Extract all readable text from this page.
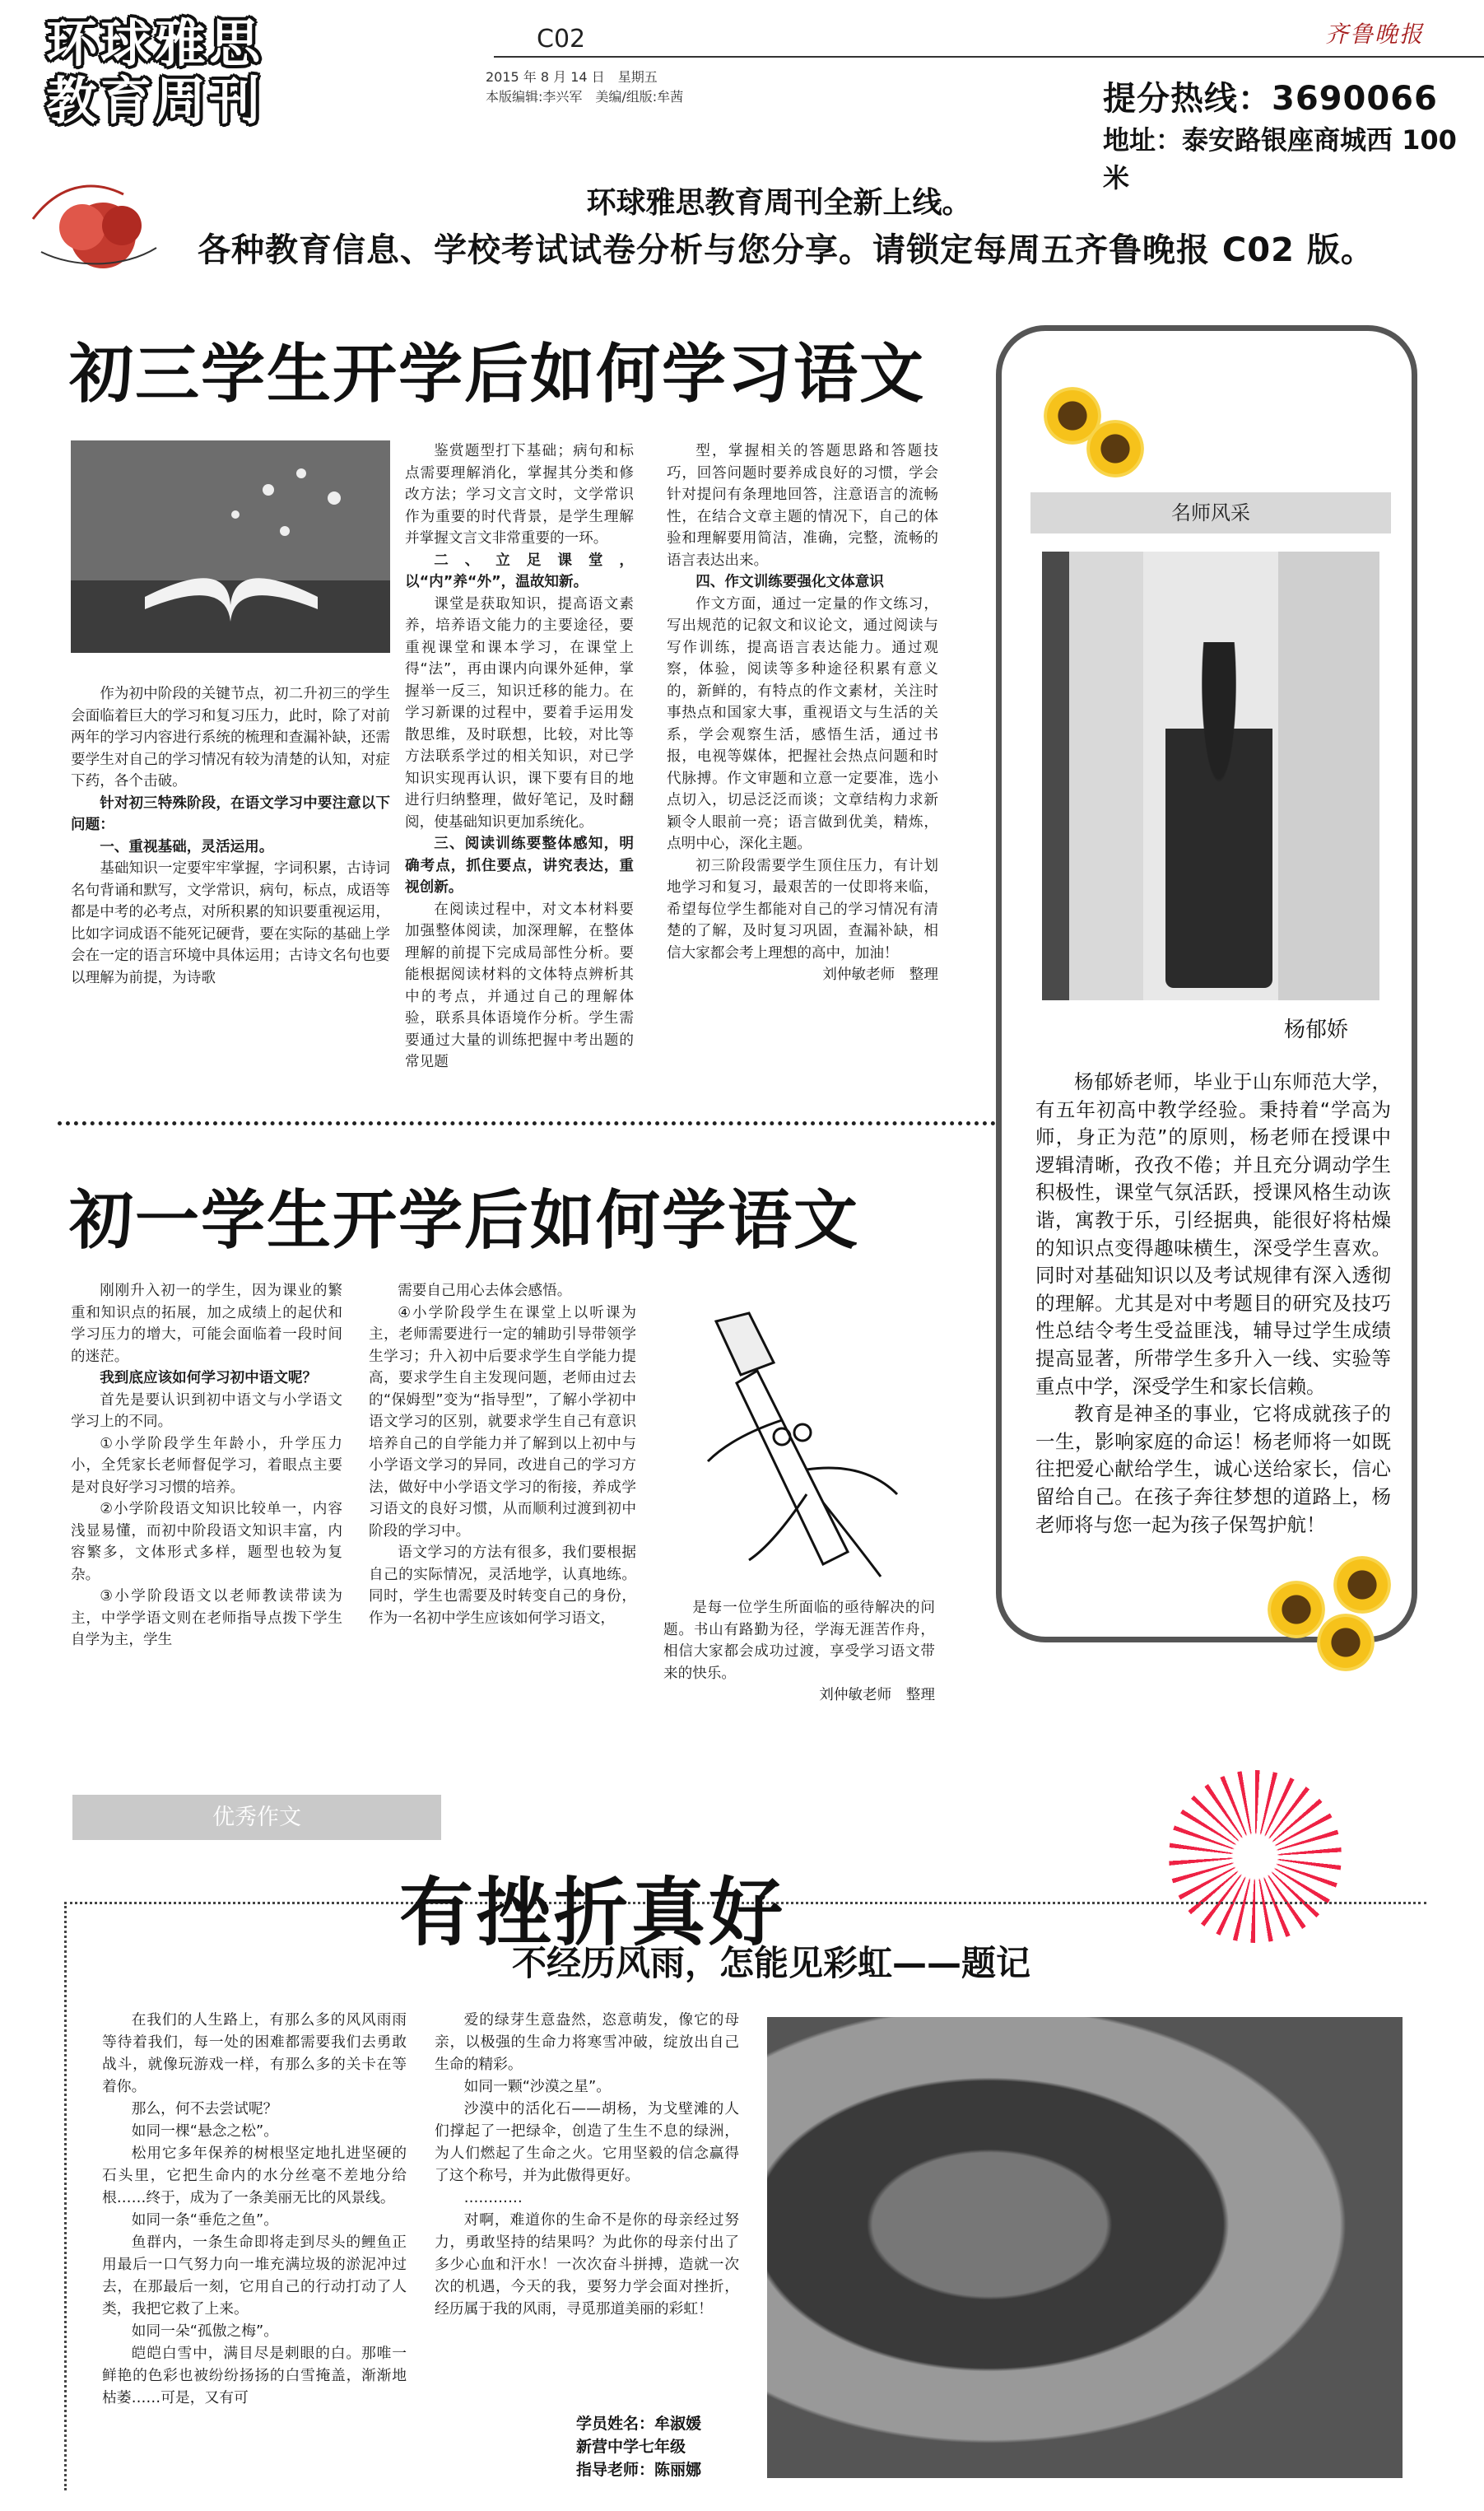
环球雅思
教育周刊
C02
2015 年 8 月 14 日　星期五
本版编辑:李兴军　美编/组版:牟茜
齐鲁晚报
提分热线：3690066
地址：泰安路银座商城西 100 米
环球雅思教育周刊全新上线。
各种教育信息、学校考试试卷分析与您分享。请锁定每周五齐鲁晚报 C02 版。
初三学生开学后如何学习语文

作为初中阶段的关键节点，初二升初三的学生会面临着巨大的学习和复习压力，此时，除了对前两年的学习内容进行系统的梳理和查漏补缺，还需要学生对自己的学习情况有较为清楚的认知，对症下药，各个击破。

针对初三特殊阶段，在语文学习中要注意以下问题：

一、重视基础，灵活运用。

基础知识一定要牢牢掌握，字词积累，古诗词名句背诵和默写，文学常识，病句，标点，成语等都是中考的必考点，对所积累的知识要重视运用，比如字词成语不能死记硬背，要在实际的基础上学会在一定的语言环境中具体运用；古诗文名句也要以理解为前提，为诗歌

鉴赏题型打下基础；病句和标点需要理解消化，掌握其分类和修改方法；学习文言文时，文学常识作为重要的时代背景，是学生理解并掌握文言文非常重要的一环。

二、立足课堂，以“内”养“外”，温故知新。

课堂是获取知识，提高语文素养，培养语文能力的主要途径，要重视课堂和课本学习，在课堂上得“法”，再由课内向课外延伸，掌握举一反三，知识迁移的能力。在学习新课的过程中，要着手运用发散思维，及时联想，比较，对比等方法联系学过的相关知识，对已学知识实现再认识，课下要有目的地进行归纳整理，做好笔记，及时翻阅，使基础知识更加系统化。

三、阅读训练要整体感知，明确考点，抓住要点，讲究表达，重视创新。

在阅读过程中，对文本材料要加强整体阅读，加深理解，在整体理解的前提下完成局部性分析。要能根据阅读材料的文体特点辨析其中的考点，并通过自己的理解体验，联系具体语境作分析。学生需要通过大量的训练把握中考出题的常见题

型，掌握相关的答题思路和答题技巧，回答问题时要养成良好的习惯，学会针对提问有条理地回答，注意语言的流畅性，在结合文章主题的情况下，自己的体验和理解要用简洁，准确，完整，流畅的语言表达出来。

四、作文训练要强化文体意识

作文方面，通过一定量的作文练习，写出规范的记叙文和议论文，通过阅读与写作训练，提高语言表达能力。通过观察，体验，阅读等多种途径积累有意义的，新鲜的，有特点的作文素材，关注时事热点和国家大事，重视语文与生活的关系，学会观察生活，感悟生活，通过书报，电视等媒体，把握社会热点问题和时代脉搏。作文审题和立意一定要准，选小点切入，切忌泛泛而谈；文章结构力求新颖令人眼前一亮；语言做到优美，精炼，点明中心，深化主题。

初三阶段需要学生顶住压力，有计划地学习和复习，最艰苦的一仗即将来临，希望每位学生都能对自己的学习情况有清楚的了解，及时复习巩固，查漏补缺，相信大家都会考上理想的高中，加油！

刘仲敏老师　整理

初一学生开学后如何学语文

刚刚升入初一的学生，因为课业的繁重和知识点的拓展，加之成绩上的起伏和学习压力的增大，可能会面临着一段时间的迷茫。

我到底应该如何学习初中语文呢？

首先是要认识到初中语文与小学语文学习上的不同。

①小学阶段学生年龄小，升学压力小，全凭家长老师督促学习，着眼点主要是对良好学习习惯的培养。

②小学阶段语文知识比较单一，内容浅显易懂，而初中阶段语文知识丰富，内容繁多，文体形式多样，题型也较为复杂。

③小学阶段语文以老师教读带读为主，中学学语文则在老师指导点拨下学生自学为主，学生

需要自己用心去体会感悟。

④小学阶段学生在课堂上以听课为主，老师需要进行一定的辅助引导带领学生学习；升入初中后要求学生自学能力提高，要求学生自主发现问题，老师由过去的“保姆型”变为“指导型”，了解小学初中语文学习的区别，就要求学生自己有意识培养自己的自学能力并了解到以上初中与小学语文学习的异同，改进自己的学习方法，做好中小学语文学习的衔接，养成学习语文的良好习惯，从而顺利过渡到初中阶段的学习中。

语文学习的方法有很多，我们要根据自己的实际情况，灵活地学，认真地练。同时，学生也需要及时转变自己的身份，作为一名初中学生应该如何学习语文，

是每一位学生所面临的亟待解决的问题。书山有路勤为径，学海无涯苦作舟，相信大家都会成功过渡，享受学习语文带来的快乐。

刘仲敏老师　整理

名师风采
杨郁娇

杨郁娇老师，毕业于山东师范大学，有五年初高中教学经验。秉持着“学高为师，身正为范”的原则，杨老师在授课中逻辑清晰，孜孜不倦；并且充分调动学生积极性，课堂气氛活跃，授课风格生动诙谐，寓教于乐，引经据典，能很好将枯燥的知识点变得趣味横生，深受学生喜欢。同时对基础知识以及考试规律有深入透彻的理解。尤其是对中考题目的研究及技巧性总结令考生受益匪浅，辅导过学生成绩提高显著，所带学生多升入一线、实验等重点中学，深受学生和家长信赖。

教育是神圣的事业，它将成就孩子的一生，影响家庭的命运！杨老师将一如既往把爱心献给学生，诚心送给家长，信心留给自己。在孩子奔往梦想的道路上，杨老师将与您一起为孩子保驾护航！

优秀作文
有挫折真好
不经历风雨，怎能见彩虹——题记

在我们的人生路上，有那么多的风风雨雨等待着我们，每一处的困难都需要我们去勇敢战斗，就像玩游戏一样，有那么多的关卡在等着你。

那么，何不去尝试呢？

如同一棵“悬念之松”。

松用它多年保养的树根坚定地扎进坚硬的石头里，它把生命内的水分丝毫不差地分给根……终于，成为了一条美丽无比的风景线。

如同一条“垂危之鱼”。

鱼群内，一条生命即将走到尽头的鲤鱼正用最后一口气努力向一堆充满垃圾的淤泥冲过去，在那最后一刻，它用自己的行动打动了人类，我把它救了上来。

如同一朵“孤傲之梅”。

皑皑白雪中，满目尽是刺眼的白。那唯一鲜艳的色彩也被纷纷扬扬的白雪掩盖，渐渐地枯萎……可是，又有可

爱的绿芽生意盎然，恣意萌发，像它的母亲，以极强的生命力将寒雪冲破，绽放出自己生命的精彩。

如同一颗“沙漠之星”。

沙漠中的活化石——胡杨，为戈壁滩的人们撑起了一把绿伞，创造了生生不息的绿洲，为人们燃起了生命之火。它用坚毅的信念赢得了这个称号，并为此傲得更好。

…………

对啊，难道你的生命不是你的母亲经过努力，勇敢坚持的结果吗？为此你的母亲付出了多少心血和汗水！一次次奋斗拼搏，造就一次次的机遇，今天的我，要努力学会面对挫折，经历属于我的风雨，寻觅那道美丽的彩虹！

学员姓名：牟淑媛
新营中学七年级
指导老师：陈丽娜
